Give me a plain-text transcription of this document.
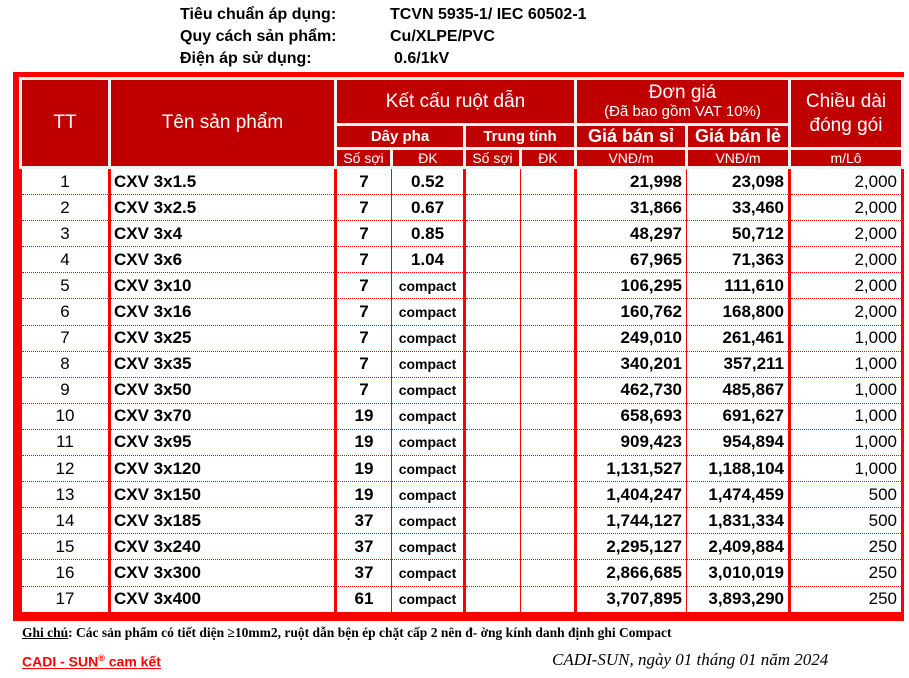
Tiêu chuẩn áp dụng:	TCVN 5935-1/ IEC 60502-1
Quy cách sản phẩm:	Cu/XLPE/PVC
Điện áp sử dụng:	0.6/1kV
TT	Tên sản phẩm	Kết cấu ruột dẫn	Đơn giá
(Đã bao gồm VAT 10%)	Chiều dài
đóng gói

		Dây pha		Trung tính		Giá bán sỉ	Giá bán lẻ	
		Số sợi	ĐK	Số sợi	ĐK	VNĐ/m	VNĐ/m	m/Lô
1	CXV 3x1.5	7	0.52			21,998	23,098	2,000
2	CXV 3x2.5	7	0.67			31,866	33,460	2,000
3	CXV 3x4	7	0.85			48,297	50,712	2,000
4	CXV 3x6	7	1.04			67,965	71,363	2,000
5	CXV 3x10	7	compact			106,295	111,610	2,000
6	CXV 3x16	7	compact			160,762	168,800	2,000
7	CXV 3x25	7	compact			249,010	261,461	1,000
8	CXV 3x35	7	compact			340,201	357,211	1,000
9	CXV 3x50	7	compact			462,730	485,867	1,000
10	CXV 3x70	19	compact			658,693	691,627	1,000
11	CXV 3x95	19	compact			909,423	954,894	1,000
12	CXV 3x120	19	compact			1,131,527	1,188,104	1,000
13	CXV 3x150	19	compact			1,404,247	1,474,459	500
14	CXV 3x185	37	compact			1,744,127	1,831,334	500
15	CXV 3x240	37	compact			2,295,127	2,409,884	250
16	CXV 3x300	37	compact			2,866,685	3,010,019	250
17	CXV 3x400	61	compact			3,707,895	3,893,290	250
Ghi chú: Các sản phẩm có tiết diện ≥10mm2, ruột dẫn bện ép chặt cấp 2 nên đ- ờng kính danh định ghi Compact
CADI - SUN® cam kết	CADI-SUN, ngày 01 tháng 01 năm 2024
